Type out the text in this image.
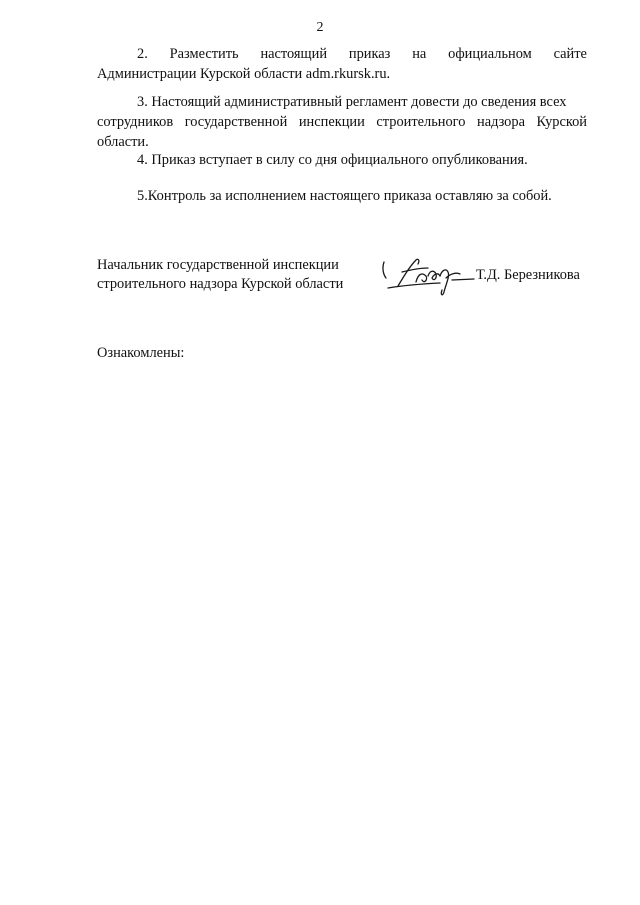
2
2. Разместить настоящий приказ на официальном сайте
Администрации Курской области adm.rkursk.ru.
3. Настоящий административный регламент довести до сведения всех
сотрудников государственной инспекции строительного надзора Курской
области.
4. Приказ вступает в силу со дня официального опубликования.
5.Контроль за исполнением настоящего приказа оставляю за собой.
Начальник государственной инспекции
строительного надзора Курской области
Т.Д. Березникова
Ознакомлены:
